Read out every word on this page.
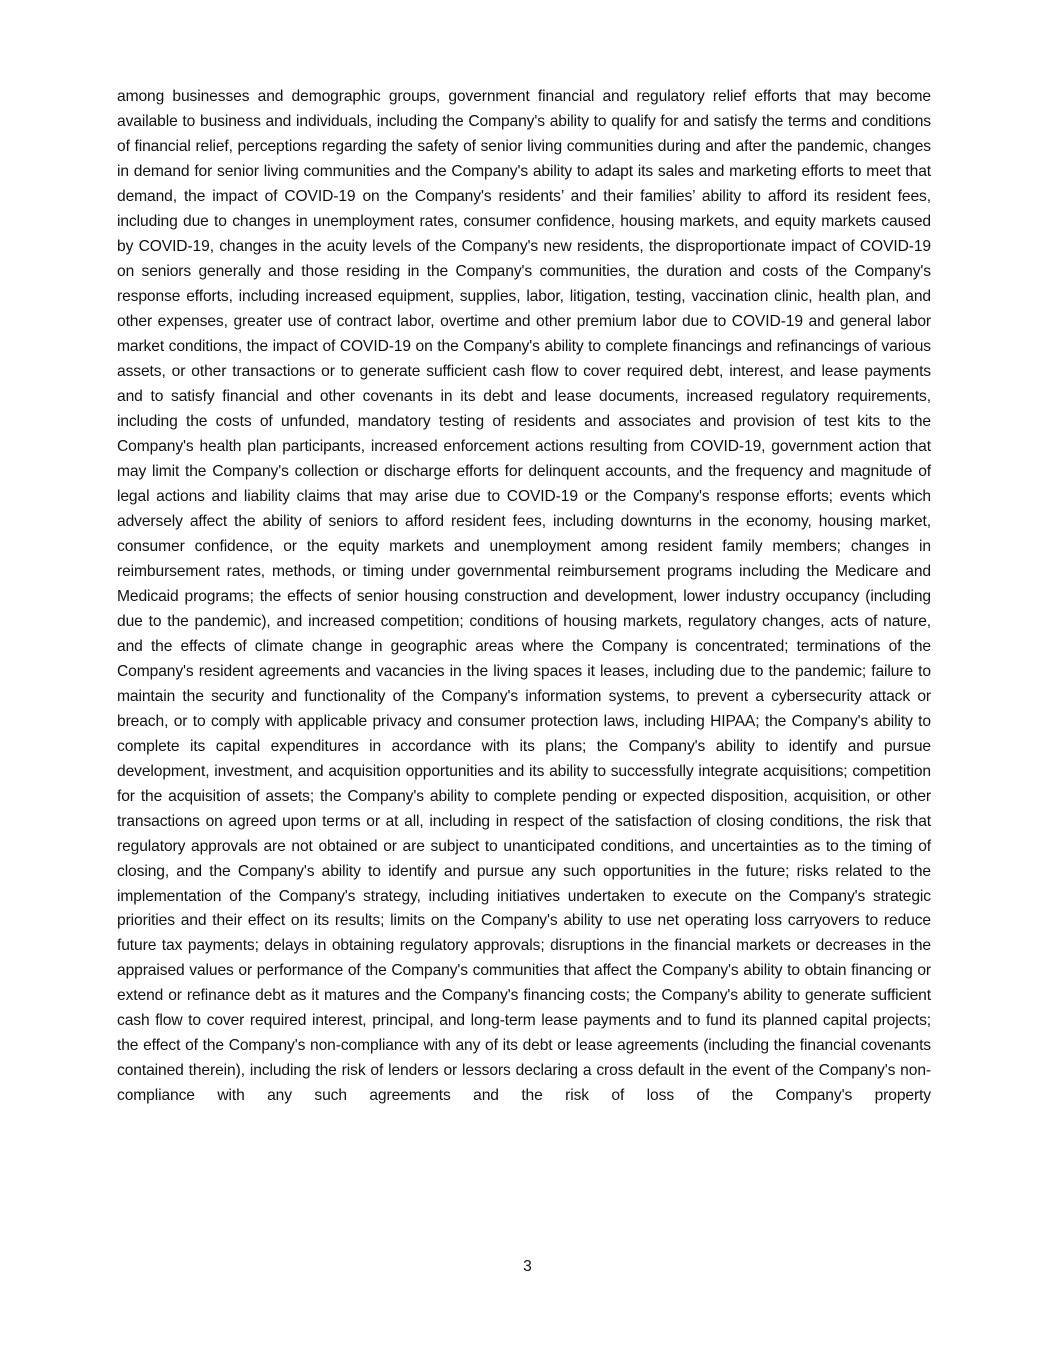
among businesses and demographic groups, government financial and regulatory relief efforts that may become available to business and individuals, including the Company's ability to qualify for and satisfy the terms and conditions of financial relief, perceptions regarding the safety of senior living communities during and after the pandemic, changes in demand for senior living communities and the Company's ability to adapt its sales and marketing efforts to meet that demand, the impact of COVID-19 on the Company's residents’ and their families’ ability to afford its resident fees, including due to changes in unemployment rates, consumer confidence, housing markets, and equity markets caused by COVID-19, changes in the acuity levels of the Company's new residents, the disproportionate impact of COVID-19 on seniors generally and those residing in the Company's communities, the duration and costs of the Company's response efforts, including increased equipment, supplies, labor, litigation, testing, vaccination clinic, health plan, and other expenses, greater use of contract labor, overtime and other premium labor due to COVID-19 and general labor market conditions, the impact of COVID-19 on the Company's ability to complete financings and refinancings of various assets, or other transactions or to generate sufficient cash flow to cover required debt, interest, and lease payments and to satisfy financial and other covenants in its debt and lease documents, increased regulatory requirements, including the costs of unfunded, mandatory testing of residents and associates and provision of test kits to the Company's health plan participants, increased enforcement actions resulting from COVID-19, government action that may limit the Company's collection or discharge efforts for delinquent accounts, and the frequency and magnitude of legal actions and liability claims that may arise due to COVID-19 or the Company's response efforts; events which adversely affect the ability of seniors to afford resident fees, including downturns in the economy, housing market, consumer confidence, or the equity markets and unemployment among resident family members; changes in reimbursement rates, methods, or timing under governmental reimbursement programs including the Medicare and Medicaid programs; the effects of senior housing construction and development, lower industry occupancy (including due to the pandemic), and increased competition; conditions of housing markets, regulatory changes, acts of nature, and the effects of climate change in geographic areas where the Company is concentrated; terminations of the Company's resident agreements and vacancies in the living spaces it leases, including due to the pandemic; failure to maintain the security and functionality of the Company's information systems, to prevent a cybersecurity attack or breach, or to comply with applicable privacy and consumer protection laws, including HIPAA; the Company's ability to complete its capital expenditures in accordance with its plans; the Company's ability to identify and pursue development, investment, and acquisition opportunities and its ability to successfully integrate acquisitions; competition for the acquisition of assets; the Company's ability to complete pending or expected disposition, acquisition, or other transactions on agreed upon terms or at all, including in respect of the satisfaction of closing conditions, the risk that regulatory approvals are not obtained or are subject to unanticipated conditions, and uncertainties as to the timing of closing, and the Company's ability to identify and pursue any such opportunities in the future; risks related to the implementation of the Company's strategy, including initiatives undertaken to execute on the Company's strategic priorities and their effect on its results; limits on the Company's ability to use net operating loss carryovers to reduce future tax payments; delays in obtaining regulatory approvals; disruptions in the financial markets or decreases in the appraised values or performance of the Company's communities that affect the Company's ability to obtain financing or extend or refinance debt as it matures and the Company's financing costs; the Company's ability to generate sufficient cash flow to cover required interest, principal, and long-term lease payments and to fund its planned capital projects; the effect of the Company's non-compliance with any of its debt or lease agreements (including the financial covenants contained therein), including the risk of lenders or lessors declaring a cross default in the event of the Company's non-compliance with any such agreements and the risk of loss of the Company's property

3
